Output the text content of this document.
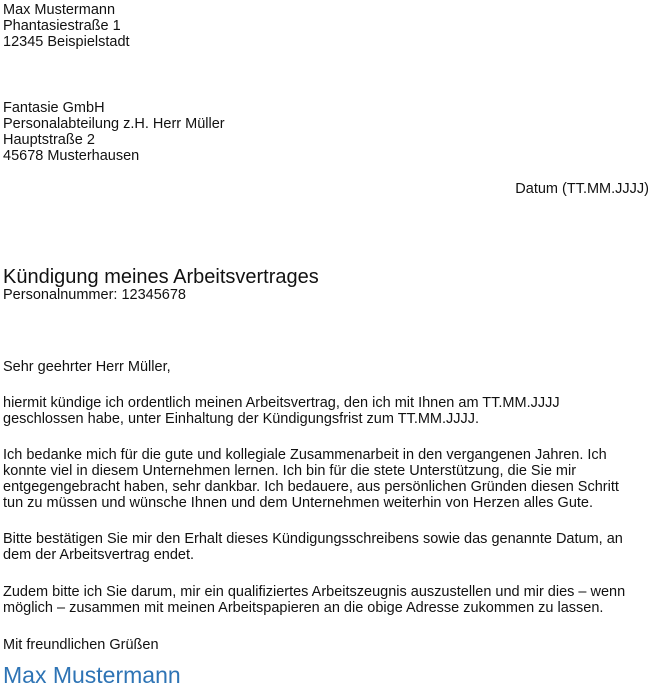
Max Mustermann
Phantasiestraße 1
12345 Beispielstadt
Fantasie GmbH
Personalabteilung z.H. Herr Müller
Hauptstraße 2
45678 Musterhausen
Datum (TT.MM.JJJJ)
Kündigung meines Arbeitsvertrages
Personalnummer: 12345678
Sehr geehrter Herr Müller,
hiermit kündige ich ordentlich meinen Arbeitsvertrag, den ich mit Ihnen am TT.MM.JJJJ
geschlossen habe, unter Einhaltung der Kündigungsfrist zum TT.MM.JJJJ.
Ich bedanke mich für die gute und kollegiale Zusammenarbeit in den vergangenen Jahren. Ich
konnte viel in diesem Unternehmen lernen. Ich bin für die stete Unterstützung, die Sie mir
entgegengebracht haben, sehr dankbar. Ich bedauere, aus persönlichen Gründen diesen Schritt
tun zu müssen und wünsche Ihnen und dem Unternehmen weiterhin von Herzen alles Gute.
Bitte bestätigen Sie mir den Erhalt dieses Kündigungsschreibens sowie das genannte Datum, an
dem der Arbeitsvertrag endet.
Zudem bitte ich Sie darum, mir ein qualifiziertes Arbeitszeugnis auszustellen und mir dies – wenn
möglich – zusammen mit meinen Arbeitspapieren an die obige Adresse zukommen zu lassen.
Mit freundlichen Grüßen
Max Mustermann
